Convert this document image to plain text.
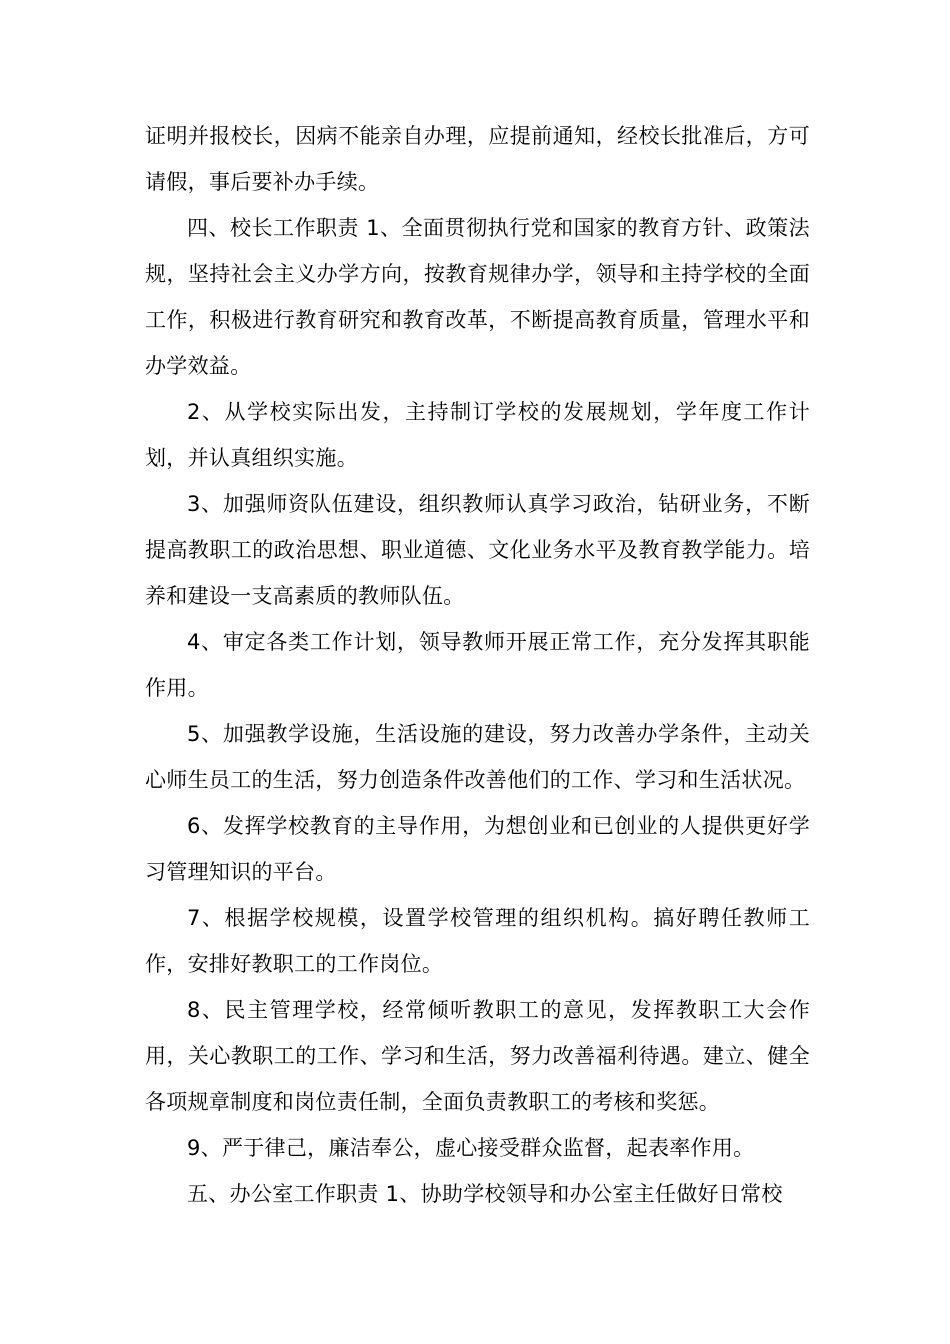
证明并报校长，因病不能亲自办理，应提前通知，经校长批准后，方可请假，事后要补办手续。

四、校长工作职责 1、全面贯彻执行党和国家的教育方针、政策法规，坚持社会主义办学方向，按教育规律办学，领导和主持学校的全面工作，积极进行教育研究和教育改革，不断提高教育质量，管理水平和办学效益。

2、从学校实际出发，主持制订学校的发展规划，学年度工作计划，并认真组织实施。

3、加强师资队伍建设，组织教师认真学习政治，钻研业务，不断提高教职工的政治思想、职业道德、文化业务水平及教育教学能力。培养和建设一支高素质的教师队伍。

4、审定各类工作计划，领导教师开展正常工作，充分发挥其职能作用。

5、加强教学设施，生活设施的建设，努力改善办学条件，主动关心师生员工的生活，努力创造条件改善他们的工作、学习和生活状况。

6、发挥学校教育的主导作用，为想创业和已创业的人提供更好学习管理知识的平台。

7、根据学校规模，设置学校管理的组织机构。搞好聘任教师工作，安排好教职工的工作岗位。

8、民主管理学校，经常倾听教职工的意见，发挥教职工大会作用，关心教职工的工作、学习和生活，努力改善福利待遇。建立、健全各项规章制度和岗位责任制，全面负责教职工的考核和奖惩。

9、严于律己，廉洁奉公，虚心接受群众监督，起表率作用。

五、办公室工作职责 1、协助学校领导和办公室主任做好日常校
